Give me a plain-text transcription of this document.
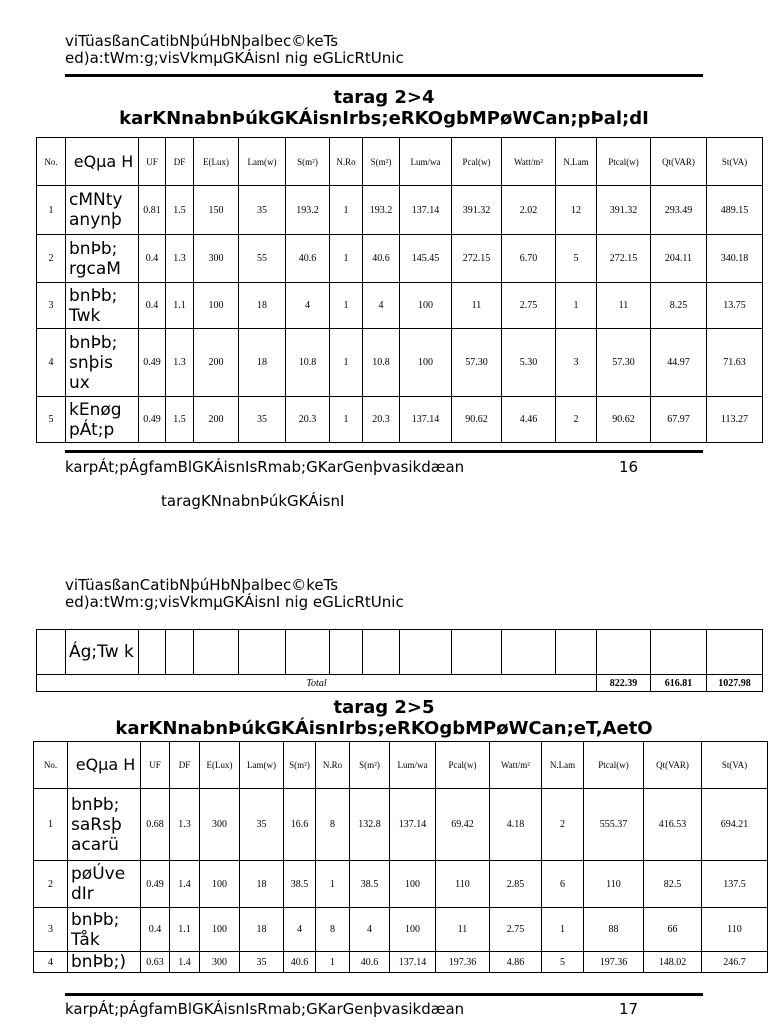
viTüasßanCatibNþúHbNþalbec©keTs
ed)a:tWm:g;visVkmµGKÁisnI nig eGLicRtUnic
tarag 2>4
karKNnabnÞúkGKÁisnIrbs;eRKOgbMPøWCan;pÞal;dI
No.	eQµa H	UF	DF	E(Lux)	Lam(w)	S(m²)	N.Ro	S(m²)	Lum/wa	Pcal(w)	Watt/m²	N.Lam	Ptcal(w)	Qt(VAR)	St(VA)
1	cMNty anynþ	0.81	1.5	150	35	193.2	1	193.2	137.14	391.32	2.02	12	391.32	293.49	489.15
2	bnÞb; rgcaM	0.4	1.3	300	55	40.6	1	40.6	145.45	272.15	6.70	5	272.15	204.11	340.18
3	bnÞb; Twk	0.4	1.1	100	18	4	1	4	100	11	2.75	1	11	8.25	13.75
4	bnÞb; snþis ux	0.49	1.3	200	18	10.8	1	10.8	100	57.30	5.30	3	57.30	44.97	71.63
5	kEnøg pÁt;p	0.49	1.5	200	35	20.3	1	20.3	137.14	90.62	4.46	2	90.62	67.97	113.27
karpÁt;pÁgfamBlGKÁisnIsRmab;GKarGenþvasikdæan	16
taragKNnabnÞúkGKÁisnI
viTüasßanCatibNþúHbNþalbec©keTs
ed)a:tWm:g;visVkmµGKÁisnI nig eGLicRtUnic
	Ág;Tw k														
Total													822.39	616.81	1027.98
tarag 2>5
karKNnabnÞúkGKÁisnIrbs;eRKOgbMPøWCan;eT,AetO
No.	eQµa H	UF	DF	E(Lux)	Lam(w)	S(m²)	N.Ro	S(m²)	Lum/wa	Pcal(w)	Watt/m²	N.Lam	Ptcal(w)	Qt(VAR)	St(VA)
1	bnÞb; saRsþ acarü	0.68	1.3	300	35	16.6	8	132.8	137.14	69.42	4.18	2	555.37	416.53	694.21
2	pøÚve dIr	0.49	1.4	100	18	38.5	1	38.5	100	110	2.85	6	110	82.5	137.5
3	bnÞb; Tåk	0.4	1.1	100	18	4	8	4	100	11	2.75	1	88	66	110
4	bnÞb;)	0.63	1.4	300	35	40.6	1	40.6	137.14	197.36	4.86	5	197.36	148.02	246.7
karpÁt;pÁgfamBlGKÁisnIsRmab;GKarGenþvasikdæan	17
